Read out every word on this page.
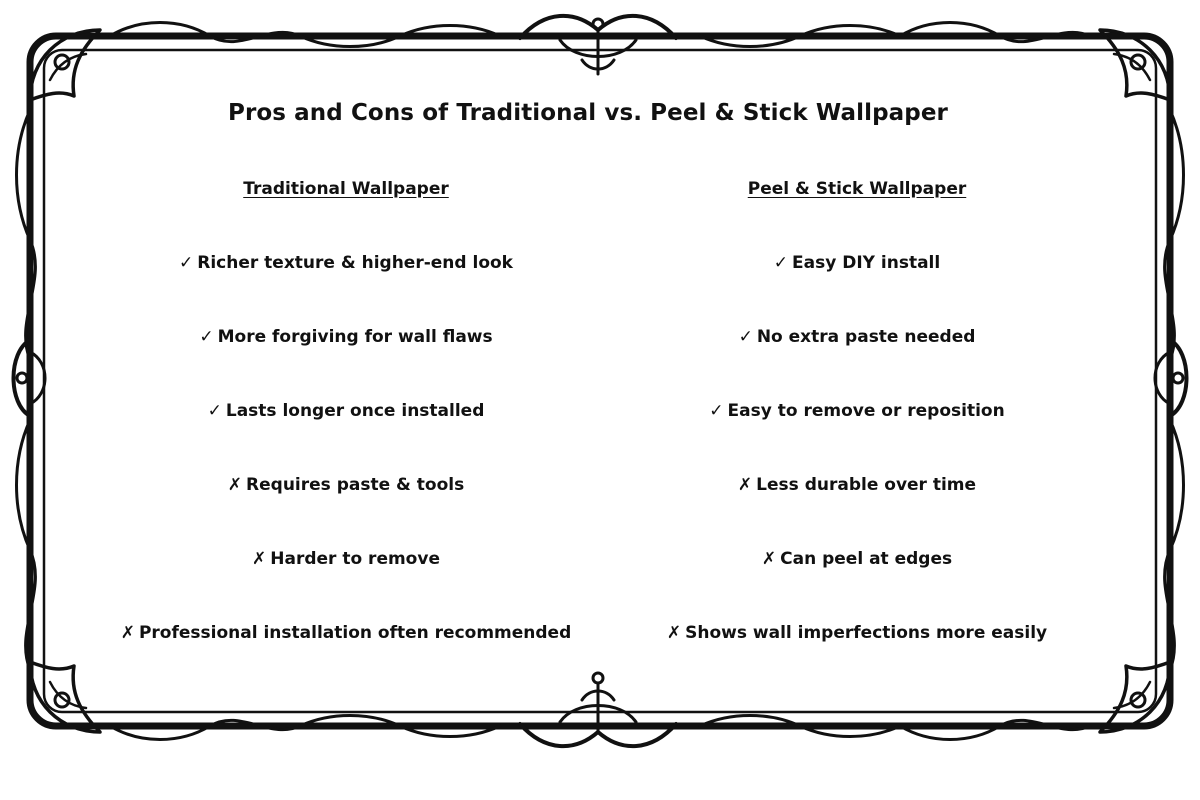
Pros and Cons of Traditional vs. Peel & Stick Wallpaper
Traditional Wallpaper
✓ Richer texture & higher-end look
✓ More forgiving for wall flaws
✓ Lasts longer once installed
✗ Requires paste & tools
✗ Harder to remove
✗ Professional installation often recommended
Peel & Stick Wallpaper
✓ Easy DIY install
✓ No extra paste needed
✓ Easy to remove or reposition
✗ Less durable over time
✗ Can peel at edges
✗ Shows wall imperfections more easily
